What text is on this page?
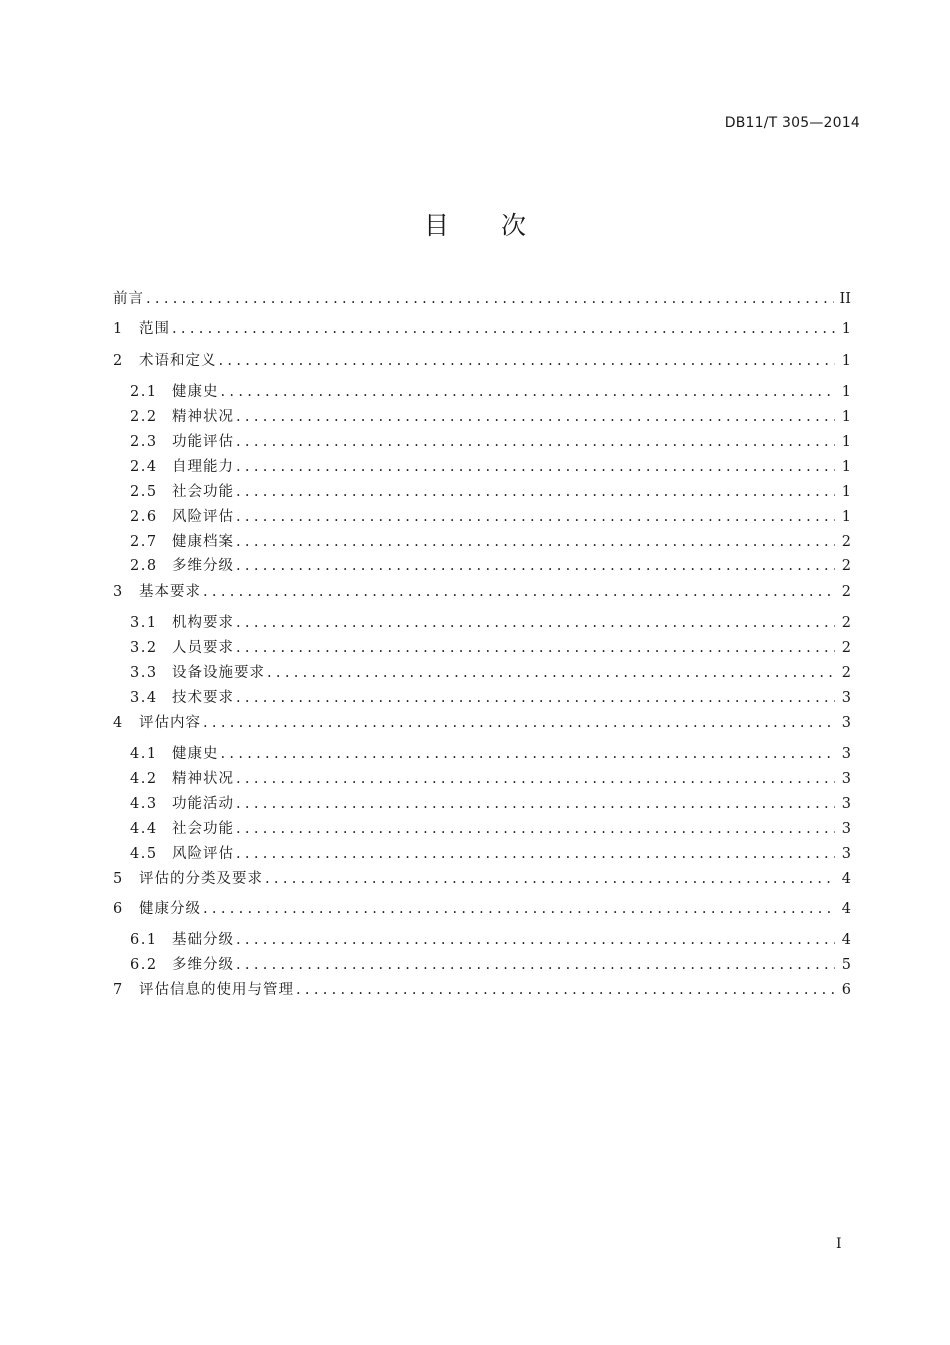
DB11/T 305—2014
目次
前言 .....	II
1	范围 .....	1
2	术语和定义 .....	1
2.1 健康史 .....	1
2.2 精神状况 .....	1
2.3 功能评估 .....	1
2.4 自理能力 .....	1
2.5 社会功能 .....	1
2.6 风险评估 .....	1
2.7 健康档案 .....	2
2.8 多维分级 .....	2
3	基本要求 .....	2
3.1 机构要求 .....	2
3.2 人员要求 .....	2
3.3 设备设施要求 .....	2
3.4 技术要求 .....	3
4	评估内容 .....	3
4.1 健康史 .....	3
4.2 精神状况 .....	3
4.3 功能活动 .....	3
4.4 社会功能 .....	3
4.5 风险评估 .....	3
5	评估的分类及要求 .....	4
6	健康分级 .....	4
6.1 基础分级 .....	4
6.2 多维分级 .....	5
7	评估信息的使用与管理 .....	6
I
